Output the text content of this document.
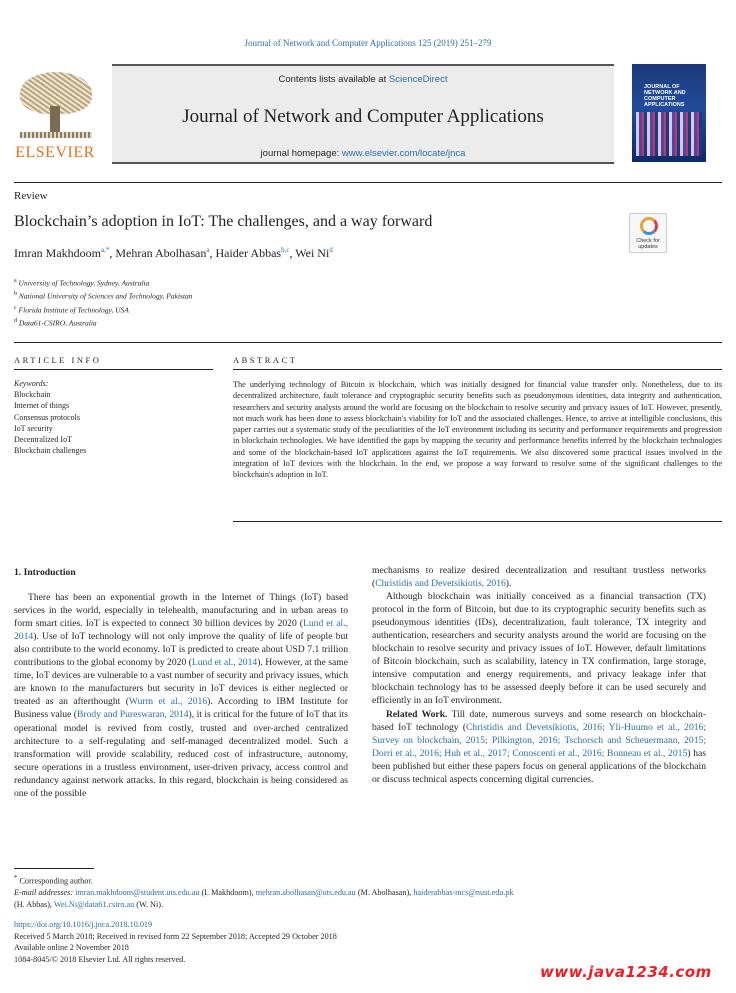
Journal of Network and Computer Applications 125 (2019) 251–279
ELSEVIER
Contents lists available at ScienceDirect
Journal of Network and Computer Applications
journal homepage: www.elsevier.com/locate/jnca
JOURNAL OF NETWORK AND COMPUTER APPLICATIONS
Review
Blockchain’s adoption in IoT: The challenges, and a way forward
Check for updates
Imran Makhdoom$^{a,*}$, Mehran Abolhasan$^a$, Haider Abbas$^{b,c}$, Wei Ni$^d$
$^a$ University of Technology, Sydney, Australia
$^b$ National University of Sciences and Technology, Pakistan
$^c$ Florida Institute of Technology, USA
$^d$ Data61-CSIRO, Australia
ARTICLE INFO	ABSTRACT
Keywords:
Blockchain
Internet of things
Consensus protocols
IoT security
Decentralized IoT
Blockchain challenges
The underlying technology of Bitcoin is blockchain, which was initially designed for financial value transfer only. Nonetheless, due to its decentralized architecture, fault tolerance and cryptographic security benefits such as pseudonymous identities, data integrity and authentication, researchers and security analysts around the world are focusing on the blockchain to resolve security and privacy issues of IoT. However, presently, not much work has been done to assess blockchain's viability for IoT and the associated challenges. Hence, to arrive at intelligible conclusions, this paper carries out a systematic study of the peculiarities of the IoT environment including its security and performance requirements and progression in blockchain technologies. We have identified the gaps by mapping the security and performance benefits inferred by the blockchain technologies and some of the blockchain-based IoT applications against the IoT requirements. We also discovered some practical issues involved in the integration of IoT devices with the blockchain. In the end, we propose a way forward to resolve some of the significant challenges to the blockchain's adoption in IoT.

1. Introduction

There has been an exponential growth in the Internet of Things (IoT) based services in the world, especially in telehealth, manufacturing and in urban areas to form smart cities. IoT is expected to connect 30 billion devices by 2020 (Lund et al., 2014). Use of IoT technology will not only improve the quality of life of people but also contribute to the world economy. IoT is predicted to create about USD 7.1 trillion contributions to the global economy by 2020 (Lund et al., 2014). However, at the same time, IoT devices are vulnerable to a vast number of security and privacy issues, which are known to the manufacturers but security in IoT devices is either neglected or treated as an afterthought (Wurm et al., 2016). According to IBM Institute for Business value (Brody and Pureswaran, 2014), it is critical for the future of IoT that its operational model is revived from costly, trusted and over-arched centralized architecture to a self-regulating and self-managed decentralized model. Such a transformation will provide scalability, reduced cost of infrastructure, autonomy, secure operations in a trustless environment, user-driven privacy, access control and redundancy against network attacks. In this regard, blockchain is being considered as one of the possible

mechanisms to realize desired decentralization and resultant trustless networks (Christidis and Devetsikiotis, 2016).

Although blockchain was initially conceived as a financial transaction (TX) protocol in the form of Bitcoin, but due to its cryptographic security benefits such as pseudonymous identities (IDs), decentralization, fault tolerance, TX integrity and authentication, researchers and security analysts around the world are focusing on the blockchain to resolve security and privacy issues of IoT. However, default limitations of Bitcoin blockchain, such as scalability, latency in TX confirmation, large storage, intensive computation and energy requirements, and privacy leakage infer that blockchain technology has to be assessed deeply before it can be used securely and efficiently in an IoT environment.

Related Work. Till date, numerous surveys and some research on blockchain-based IoT technology (Christidis and Devetsikiotis, 2016; Yli-Huumo et al., 2016; Survey on blockchain, 2015; Pilkington, 2016; Tschorsch and Scheuermann, 2015; Dorri et al., 2016; Huh et al., 2017; Conoscenti et al., 2016; Bonneau et al., 2015) has been published but either these papers focus on general applications of the blockchain or discuss technical aspects concerning digital currencies.

* Corresponding author.
E-mail addresses: imran.makhdoom@student.uts.edu.au (I. Makhdoom), mehran.abolhasan@uts.edu.au (M. Abolhasan), haiderabbas-mcs@nust.edu.pk
(H. Abbas), Wei.Ni@data61.csiro.au (W. Ni).
https://doi.org/10.1016/j.jnca.2018.10.019
Received 5 March 2018; Received in revised form 22 September 2018; Accepted 29 October 2018
Available online 2 November 2018
1084-8045/© 2018 Elsevier Ltd. All rights reserved.
www.java1234.com
